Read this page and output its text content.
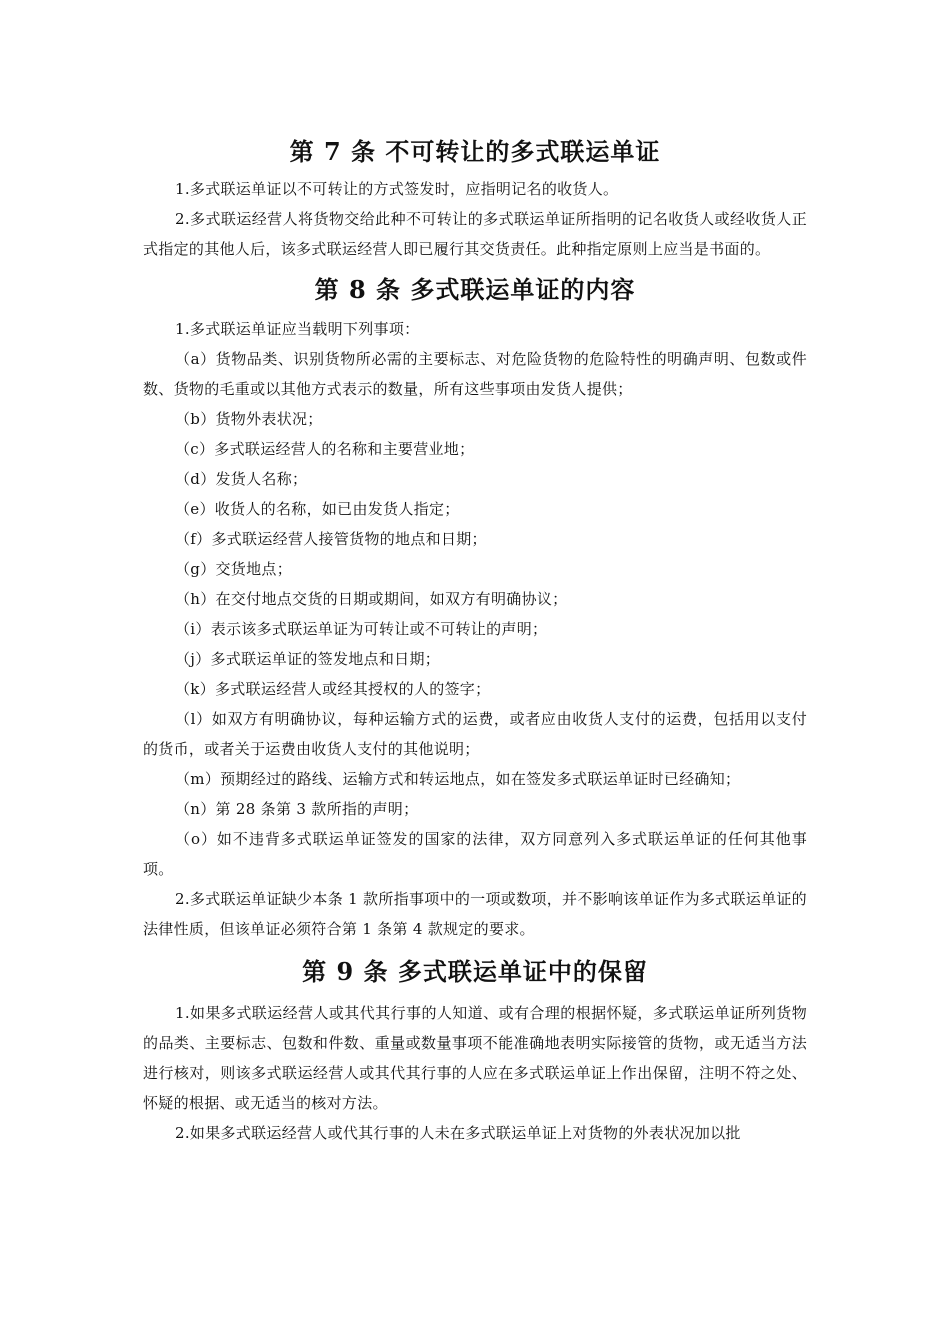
第 7 条 不可转让的多式联运单证

1.多式联运单证以不可转让的方式签发时，应指明记名的收货人。

2.多式联运经营人将货物交给此种不可转让的多式联运单证所指明的记名收货人或经收货人正式指定的其他人后，该多式联运经营人即已履行其交货责任。此种指定原则上应当是书面的。

第 8 条 多式联运单证的内容

1.多式联运单证应当载明下列事项：

（a）货物品类、识别货物所必需的主要标志、对危险货物的危险特性的明确声明、包数或件数、货物的毛重或以其他方式表示的数量，所有这些事项由发货人提供；

（b）货物外表状况；

（c）多式联运经营人的名称和主要营业地；

（d）发货人名称；

（e）收货人的名称，如已由发货人指定；

（f）多式联运经营人接管货物的地点和日期；

（g）交货地点；

（h）在交付地点交货的日期或期间，如双方有明确协议；

（i）表示该多式联运单证为可转让或不可转让的声明；

（j）多式联运单证的签发地点和日期；

（k）多式联运经营人或经其授权的人的签字；

（l）如双方有明确协议，每种运输方式的运费，或者应由收货人支付的运费，包括用以支付的货币，或者关于运费由收货人支付的其他说明；

（m）预期经过的路线、运输方式和转运地点，如在签发多式联运单证时已经确知；

（n）第 28 条第 3 款所指的声明；

（o）如不违背多式联运单证签发的国家的法律，双方同意列入多式联运单证的任何其他事项。

2.多式联运单证缺少本条 1 款所指事项中的一项或数项，并不影响该单证作为多式联运单证的法律性质，但该单证必须符合第 1 条第 4 款规定的要求。

第 9 条 多式联运单证中的保留

1.如果多式联运经营人或其代其行事的人知道、或有合理的根据怀疑，多式联运单证所列货物的品类、主要标志、包数和件数、重量或数量事项不能准确地表明实际接管的货物，或无适当方法进行核对，则该多式联运经营人或其代其行事的人应在多式联运单证上作出保留，注明不符之处、怀疑的根据、或无适当的核对方法。

2.如果多式联运经营人或代其行事的人未在多式联运单证上对货物的外表状况加以批
